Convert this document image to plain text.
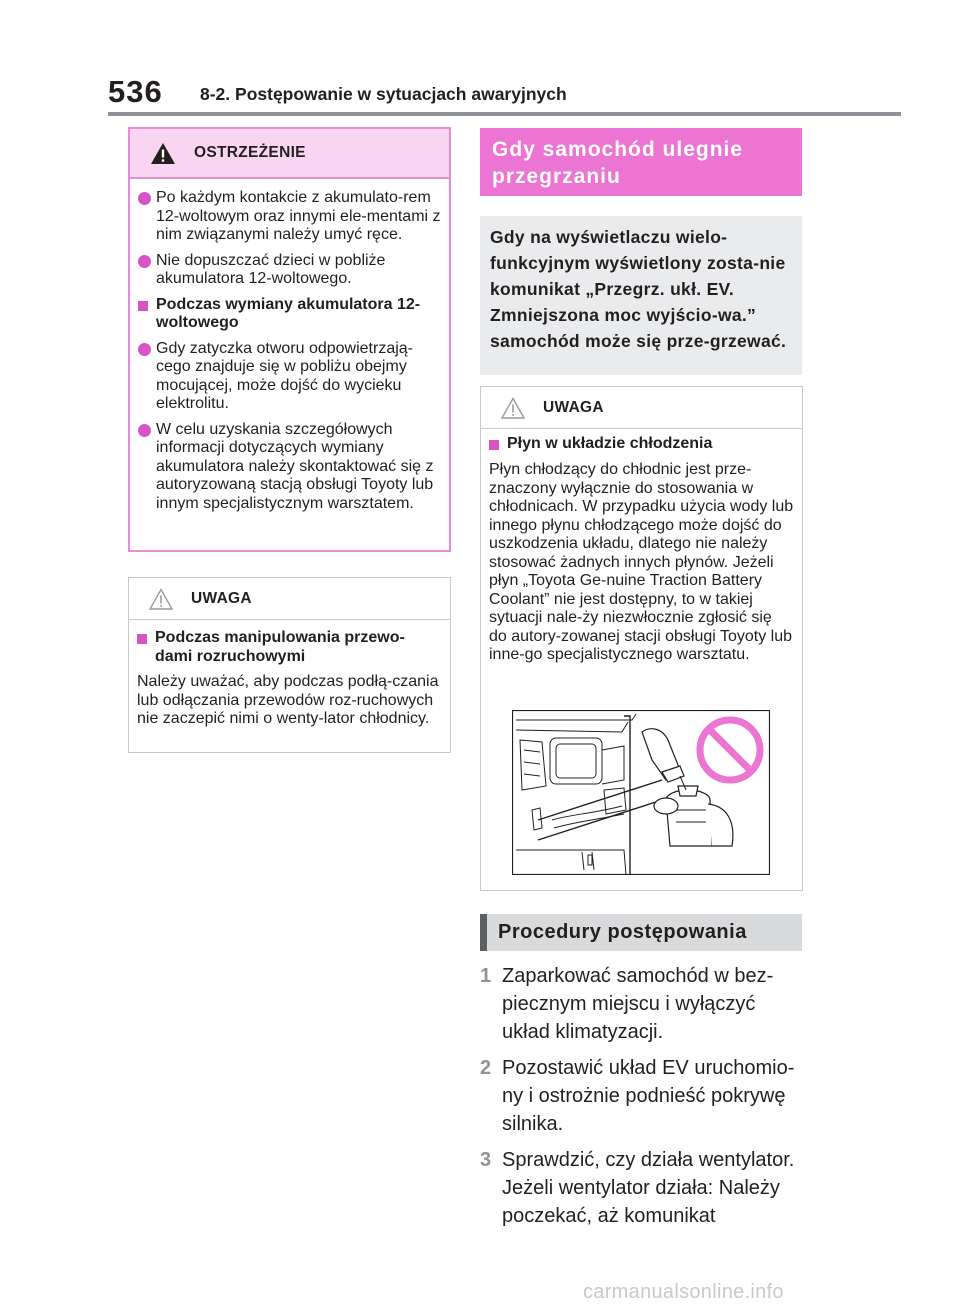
536 8-2. Postępowanie w sytuacjach awaryjnych
OSTRZEŻENIE
Po każdym kontakcie z akumulato-rem 12-woltowym oraz innymi ele-mentami z nim związanymi należy umyć ręce.
Nie dopuszczać dzieci w pobliże akumulatora 12-woltowego.
Podczas wymiany akumulatora 12-woltowego
Gdy zatyczka otworu odpowietrzają-cego znajduje się w pobliżu obejmy mocującej, może dojść do wycieku elektrolitu.
W celu uzyskania szczegółowych informacji dotyczących wymiany akumulatora należy skontaktować się z autoryzowaną stacją obsługi Toyoty lub innym specjalistycznym warsztatem.
UWAGA
Podczas manipulowania przewo-dami rozruchowymi
Należy uważać, aby podczas podłą-czania lub odłączania przewodów roz-ruchowych nie zaczepić nimi o wenty-lator chłodnicy.
Gdy samochód ulegnie przegrzaniu
Gdy na wyświetlaczu wielo-funkcyjnym wyświetlony zosta-nie komunikat „Przegrz. ukł. EV. Zmniejszona moc wyjścio-wa.” samochód może się prze-grzewać.
UWAGA
Płyn w układzie chłodzenia
Płyn chłodzący do chłodnic jest prze-znaczony wyłącznie do stosowania w chłodnicach. W przypadku użycia wody lub innego płynu chłodzącego może dojść do uszkodzenia układu, dlatego nie należy stosować żadnych innych płynów. Jeżeli płyn „Toyota Ge-nuine Traction Battery Coolant” nie jest dostępny, to w takiej sytuacji nale-ży niezwłocznie zgłosić się do autory-zowanej stacji obsługi Toyoty lub inne-go specjalistycznego warsztatu.
Procedury postępowania
1 Zaparkować samochód w bez-piecznym miejscu i wyłączyć układ klimatyzacji.
2 Pozostawić układ EV uruchomio-ny i ostrożnie podnieść pokrywę silnika.
3 Sprawdzić, czy działa wentylator. Jeżeli wentylator działa: Należy poczekać, aż komunikat
carmanualsonline.info
